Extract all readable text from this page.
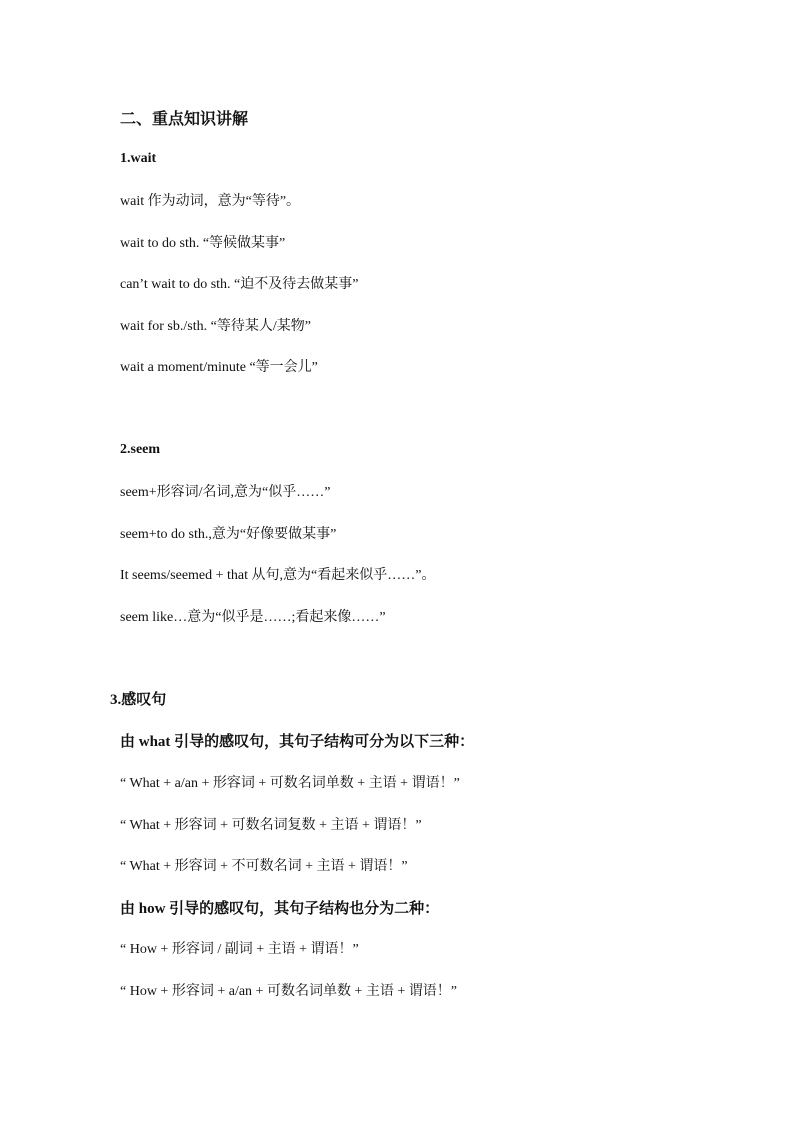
二、重点知识讲解
1.wait
wait 作为动词，意为“等待”。
wait to do sth. “等候做某事”
can’t wait to do sth. “迫不及待去做某事”
wait for sb./sth. “等待某人/某物”
wait a moment/minute “等一会儿”
2.seem
seem+形容词/名词,意为“似乎……”
seem+to do sth.,意为“好像要做某事”
It seems/seemed + that 从句,意为“看起来似乎……”。
seem like…意为“似乎是……;看起来像……”
3.感叹句
由 what 引导的感叹句，其句子结构可分为以下三种：
“ What + a/an + 形容词 + 可数名词单数 + 主语 + 谓语！”
“ What + 形容词 + 可数名词复数 + 主语 + 谓语！”
“ What + 形容词 + 不可数名词 + 主语 + 谓语！”
由 how 引导的感叹句，其句子结构也分为二种：
“ How + 形容词 / 副词 + 主语 + 谓语！”
“ How + 形容词 + a/an + 可数名词单数 + 主语 + 谓语！”
